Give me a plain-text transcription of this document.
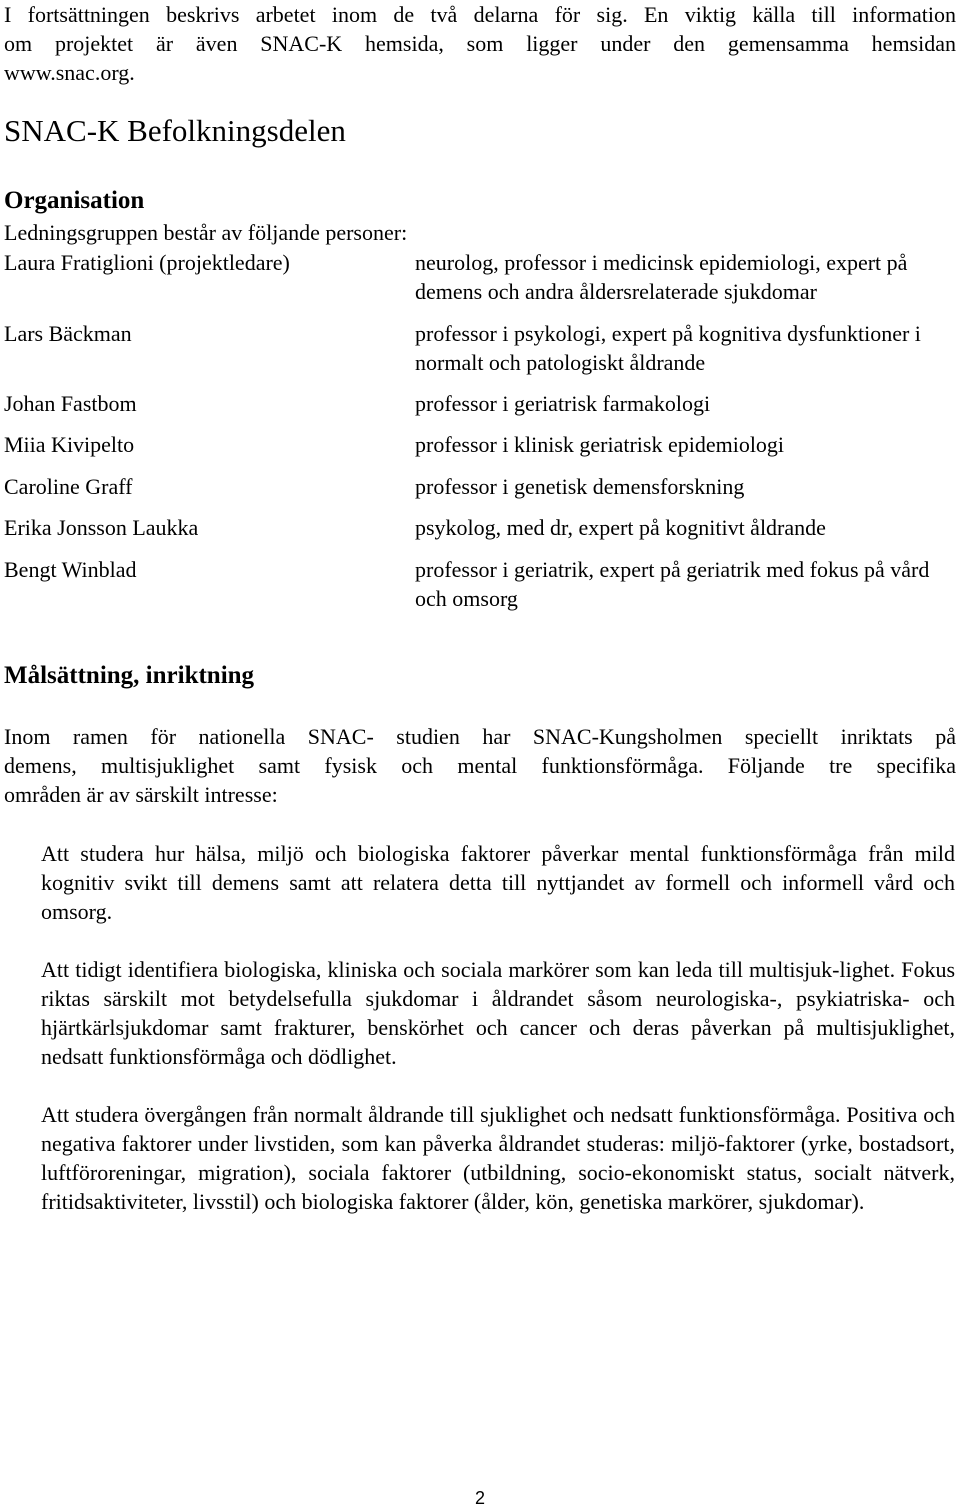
I fortsättningen beskrivs arbetet inom de två delarna för sig. En viktig källa till information
om projektet är även SNAC-K hemsida, som ligger under den gemensamma hemsidan
www.snac.org.
SNAC-K Befolkningsdelen
Organisation

Ledningsgruppen består av följande personer:

Laura Fratiglioni (projektledare)	neurolog, professor i medicinsk epidemiologi, expert på demens och andra åldersrelaterade sjukdomar

Lars Bäckman	professor i psykologi, expert på kognitiva dysfunktioner i normalt och patologiskt åldrande

Johan Fastbom	professor i geriatrisk farmakologi

Miia Kivipelto	professor i klinisk geriatrisk epidemiologi

Caroline Graff	professor i genetisk demensforskning

Erika Jonsson Laukka	psykolog, med dr, expert på kognitivt åldrande

Bengt Winblad	professor i geriatrik, expert på geriatrik med fokus på vård och omsorg

Målsättning, inriktning
Inom ramen för nationella SNAC- studien har SNAC-Kungsholmen speciellt inriktats på
demens, multisjuklighet samt fysisk och mental funktionsförmåga. Följande tre specifika
områden är av särskilt intresse:

Att studera hur hälsa, miljö och biologiska faktorer påverkar mental funktionsförmåga från mild kognitiv svikt till demens samt att relatera detta till nyttjandet av formell och informell vård och omsorg.

Att tidigt identifiera biologiska, kliniska och sociala markörer som kan leda till multisjuk-lighet. Fokus riktas särskilt mot betydelsefulla sjukdomar i åldrandet såsom neurologiska-, psykiatriska- och hjärtkärlsjukdomar samt frakturer, benskörhet och cancer och deras påverkan på multisjuklighet, nedsatt funktionsförmåga och dödlighet.

Att studera övergången från normalt åldrande till sjuklighet och nedsatt funktionsförmåga. Positiva och negativa faktorer under livstiden, som kan påverka åldrandet studeras: miljö-faktorer (yrke, bostadsort, luftföroreningar, migration), sociala faktorer (utbildning, socio-ekonomiskt status, socialt nätverk, fritidsaktiviteter, livsstil) och biologiska faktorer (ålder, kön, genetiska markörer, sjukdomar).

2
